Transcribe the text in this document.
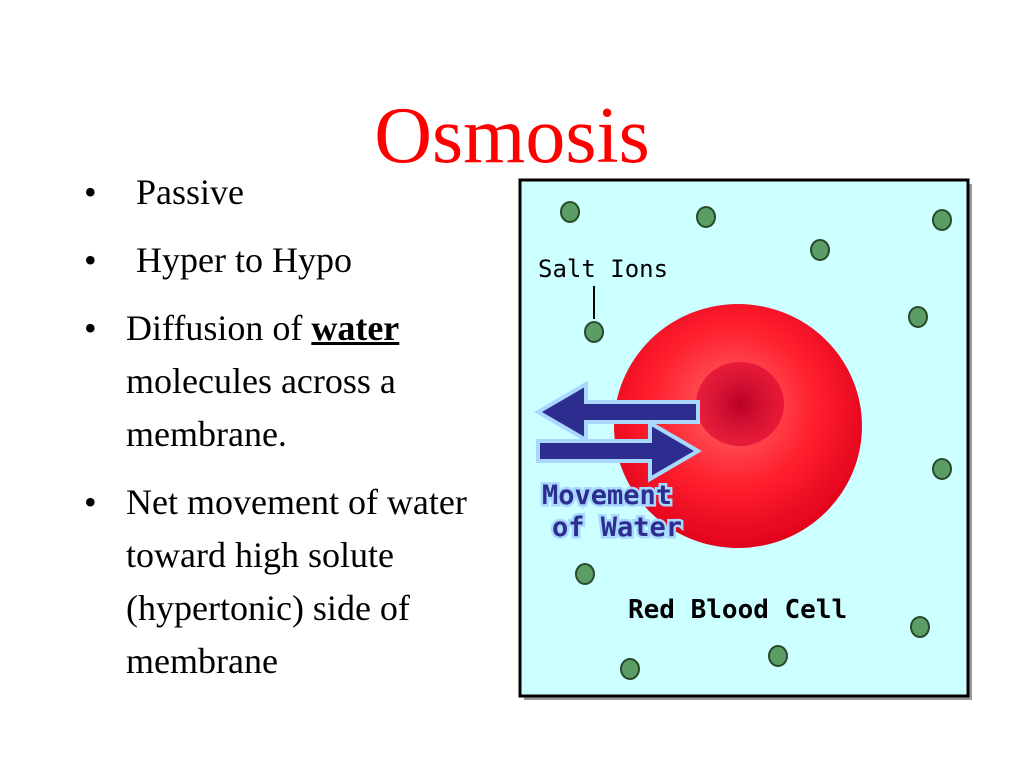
Osmosis
• Passive
• Hyper to Hypo
• Diffusion of water molecules across a membrane.
• Net movement of water toward high solute (hypertonic) side of membrane
Salt Ions
Movement
of Water
Red Blood Cell
